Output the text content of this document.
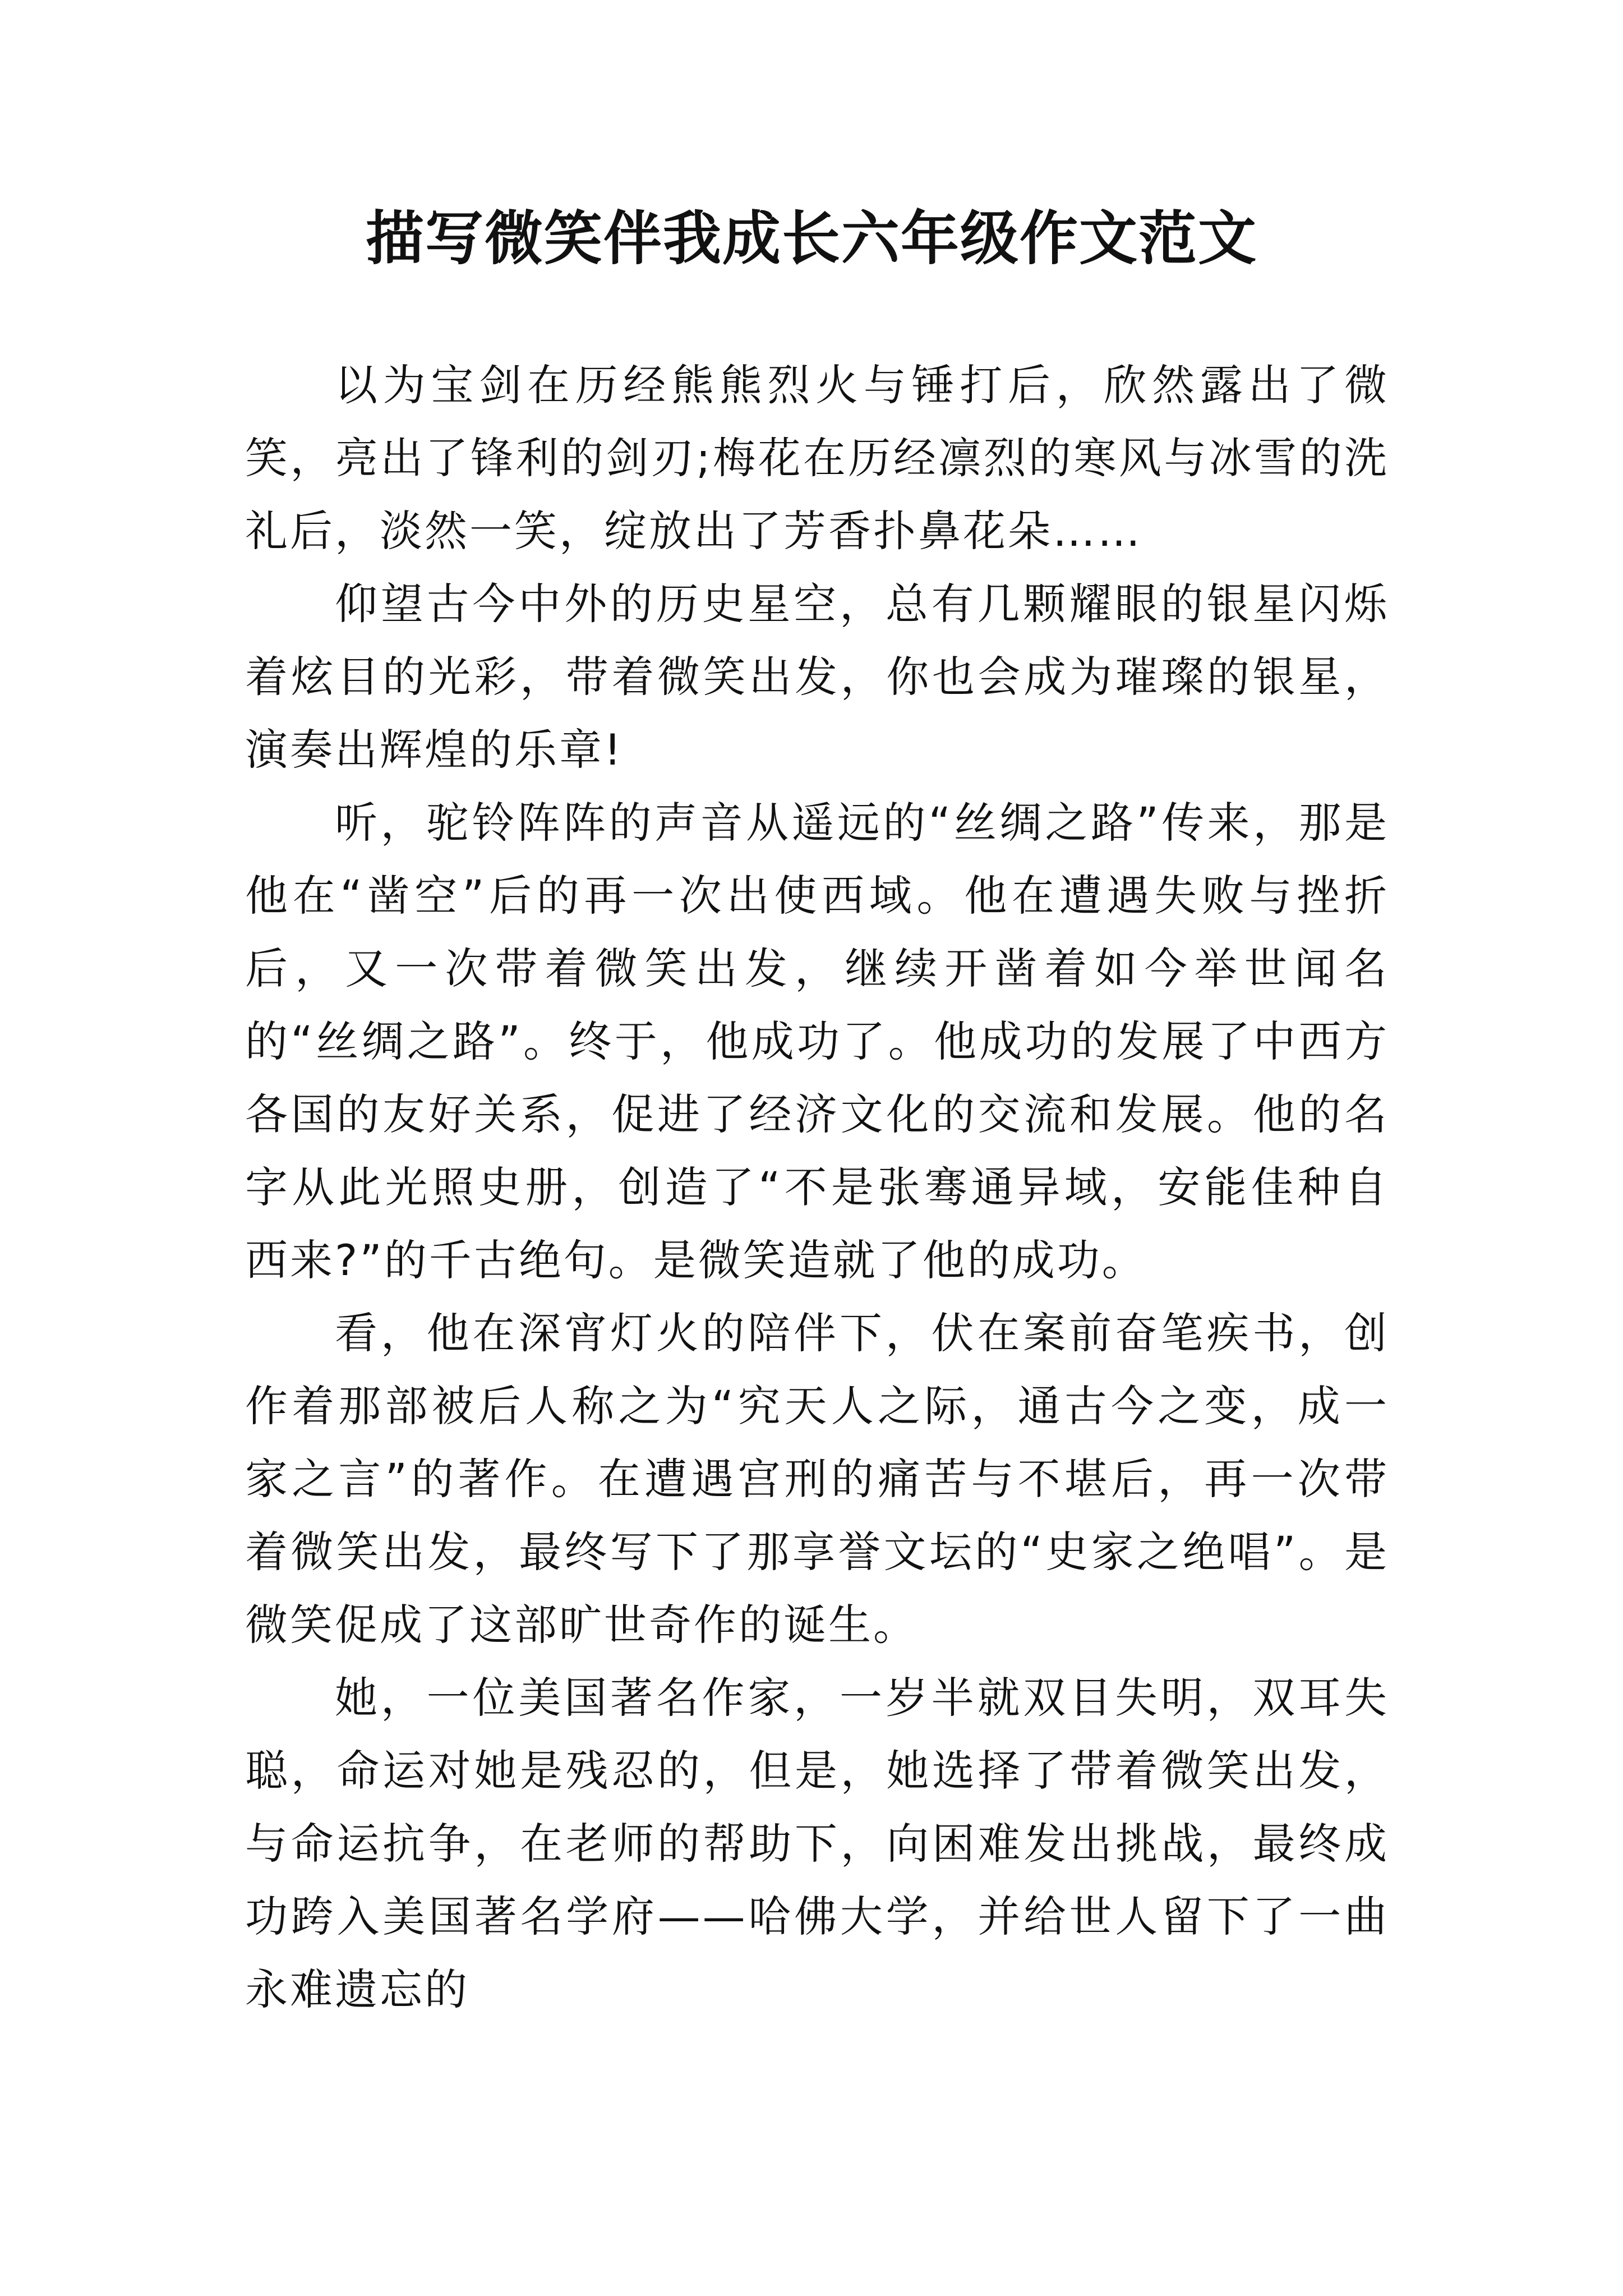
描写微笑伴我成长六年级作文范文

以为宝剑在历经熊熊烈火与锤打后，欣然露出了微笑，亮出了锋利的剑刃;梅花在历经凛烈的寒风与冰雪的洗礼后，淡然一笑，绽放出了芳香扑鼻花朵……

仰望古今中外的历史星空，总有几颗耀眼的银星闪烁着炫目的光彩，带着微笑出发，你也会成为璀璨的银星，演奏出辉煌的乐章!

听，驼铃阵阵的声音从遥远的“丝绸之路”传来，那是他在“凿空”后的再一次出使西域。他在遭遇失败与挫折后，又一次带着微笑出发，继续开凿着如今举世闻名的“丝绸之路”。终于，他成功了。他成功的发展了中西方各国的友好关系，促进了经济文化的交流和发展。他的名字从此光照史册，创造了“不是张骞通异域，安能佳种自西来?”的千古绝句。是微笑造就了他的成功。

看，他在深宵灯火的陪伴下，伏在案前奋笔疾书，创作着那部被后人称之为“究天人之际，通古今之变，成一家之言”的著作。在遭遇宫刑的痛苦与不堪后，再一次带着微笑出发，最终写下了那享誉文坛的“史家之绝唱”。是微笑促成了这部旷世奇作的诞生。

她，一位美国著名作家，一岁半就双目失明，双耳失聪，命运对她是残忍的，但是，她选择了带着微笑出发，与命运抗争，在老师的帮助下，向困难发出挑战，最终成功跨入美国著名学府——哈佛大学，并给世人留下了一曲永难遗忘的
